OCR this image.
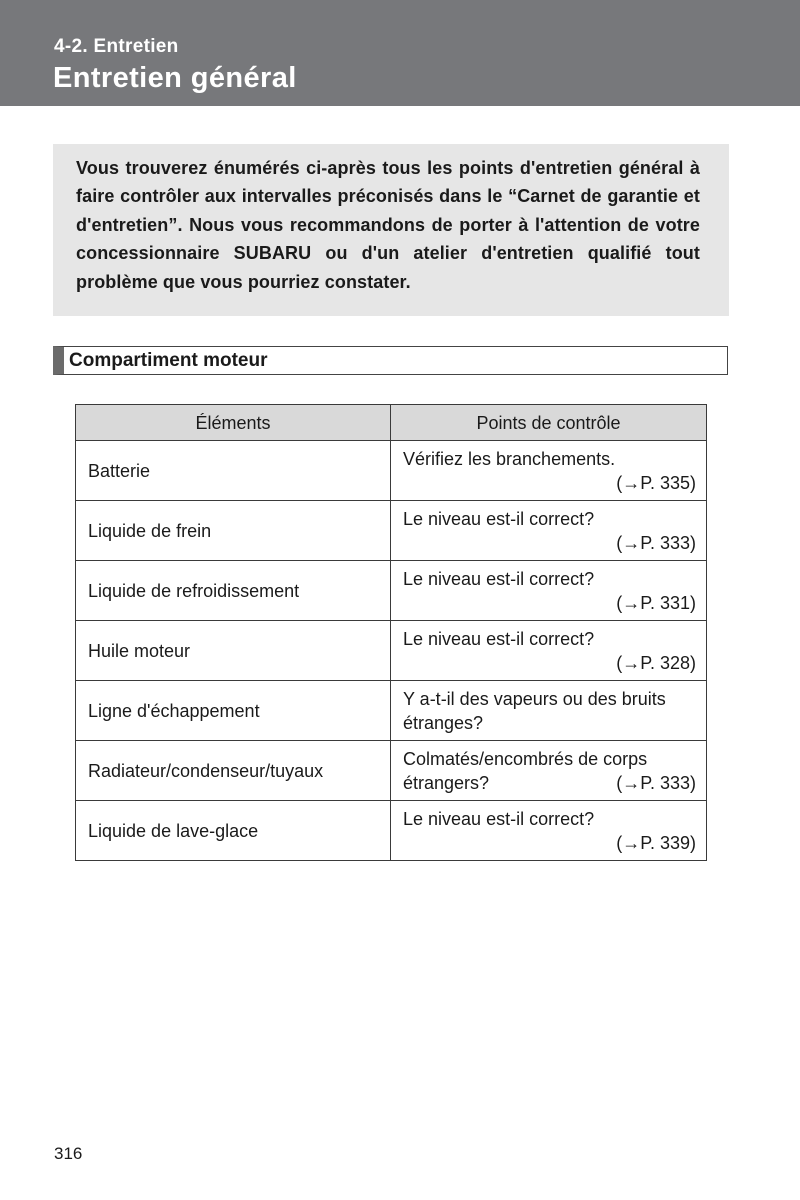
4-2. Entretien
Entretien général

Vous trouverez énumérés ci-après tous les points d'entretien général à faire contrôler aux intervalles préconisés dans le “Carnet de garantie et d'entretien”. Nous vous recommandons de porter à l'attention de votre concessionnaire SUBARU ou d'un atelier d'entretien qualifié tout problème que vous pourriez constater.

Compartiment moteur
Éléments	Points de contrôle
Batterie	Vérifiez les branchements.
(→P. 335)

Liquide de frein	Le niveau est-il correct?
(→P. 333)

Liquide de refroidissement	Le niveau est-il correct?
(→P. 331)

Huile moteur	Le niveau est-il correct?
(→P. 328)

Ligne d'échappement	Y a-t-il des vapeurs ou des bruits
étranges?
Radiateur/condenseur/tuyaux	Colmatés/encombrés de corps
étrangers? (→P. 333)

Liquide de lave-glace	Le niveau est-il correct?
(→P. 339)
316
